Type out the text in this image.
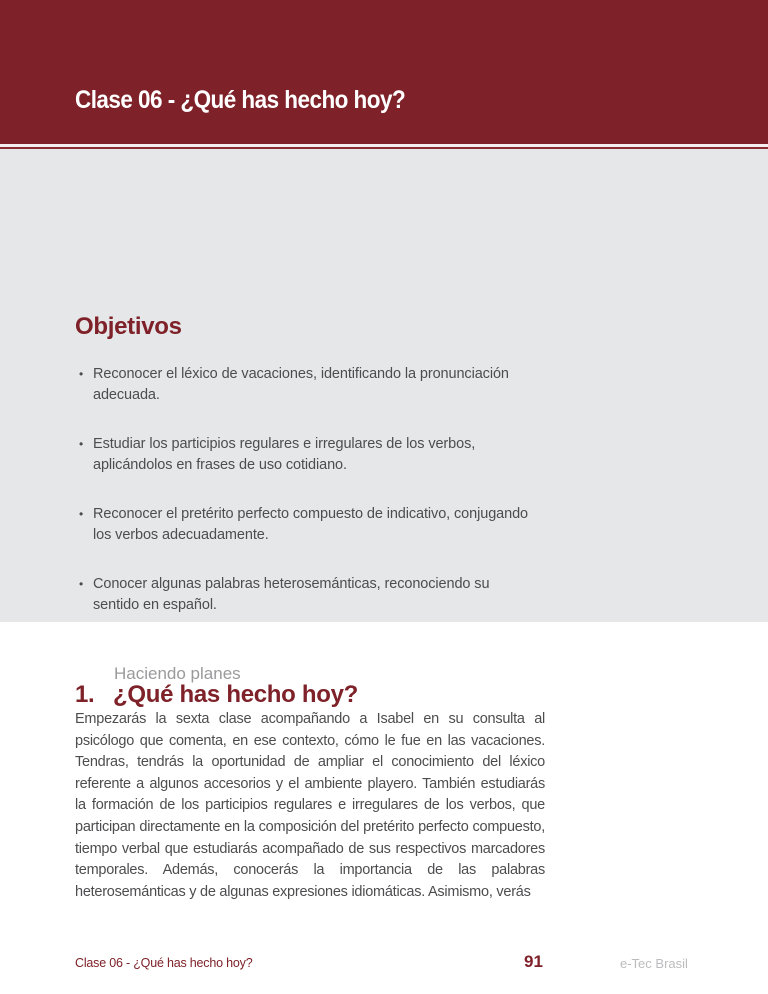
Clase 06 - ¿Qué has hecho hoy?
Objetivos
• Reconocer el léxico de vacaciones, identificando la pronunciación adecuada.
• Estudiar los participios regulares e irregulares de los verbos, aplicándolos en frases de uso cotidiano.
• Reconocer el pretérito perfecto compuesto de indicativo, conjugando los verbos adecuadamente.
• Conocer algunas palabras heterosemánticas, reconociendo su sentido en español.

Haciendo planes

1. ¿Qué has hecho hoy?

Empezarás la sexta clase acompañando a Isabel en su consulta al psicólogo que comenta, en ese contexto, cómo le fue en las vacaciones. Tendras, tendrás la oportunidad de ampliar el conocimiento del léxico referente a algunos accesorios y el ambiente playero. También estudiarás la formación de los participios regulares e irregulares de los verbos, que participan directamente en la composición del pretérito perfecto compuesto, tiempo verbal que estudiarás acompañado de sus respectivos marcadores temporales. Además, conocerás la importancia de las palabras heterosemánticas y de algunas expresiones idiomáticas. Asimismo, verás

Clase 06 - ¿Qué has hecho hoy?	91	e-Tec Brasil
